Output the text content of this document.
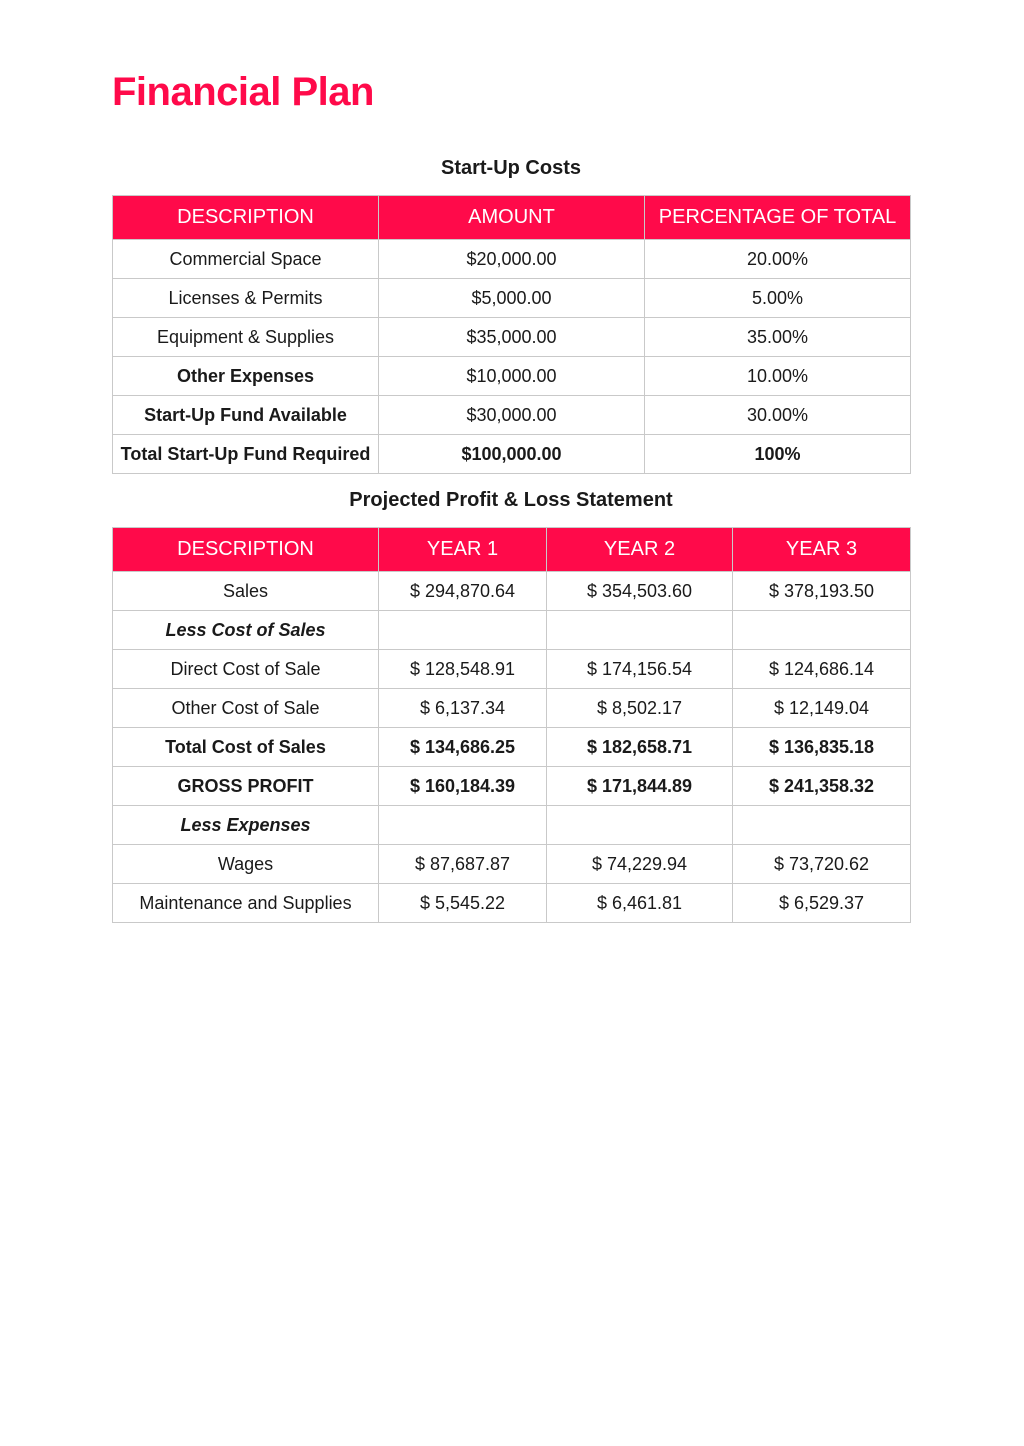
Financial Plan
Start-Up Costs
DESCRIPTION	AMOUNT	PERCENTAGE OF TOTAL
Commercial Space	$20,000.00	20.00%
Licenses & Permits	$5,000.00	5.00%
Equipment & Supplies	$35,000.00	35.00%
Other Expenses	$10,000.00	10.00%
Start-Up Fund Available	$30,000.00	30.00%
Total Start-Up Fund Required	$100,000.00	100%
Projected Profit & Loss Statement
DESCRIPTION	YEAR 1	YEAR 2	YEAR 3
Sales	$ 294,870.64	$ 354,503.60	$ 378,193.50
Less Cost of Sales			
Direct Cost of Sale	$ 128,548.91	$ 174,156.54	$ 124,686.14
Other Cost of Sale	$ 6,137.34	$ 8,502.17	$ 12,149.04
Total Cost of Sales	$ 134,686.25	$ 182,658.71	$ 136,835.18
GROSS PROFIT	$ 160,184.39	$ 171,844.89	$ 241,358.32
Less Expenses			
Wages	$ 87,687.87	$ 74,229.94	$ 73,720.62
Maintenance and Supplies	$ 5,545.22	$ 6,461.81	$ 6,529.37
